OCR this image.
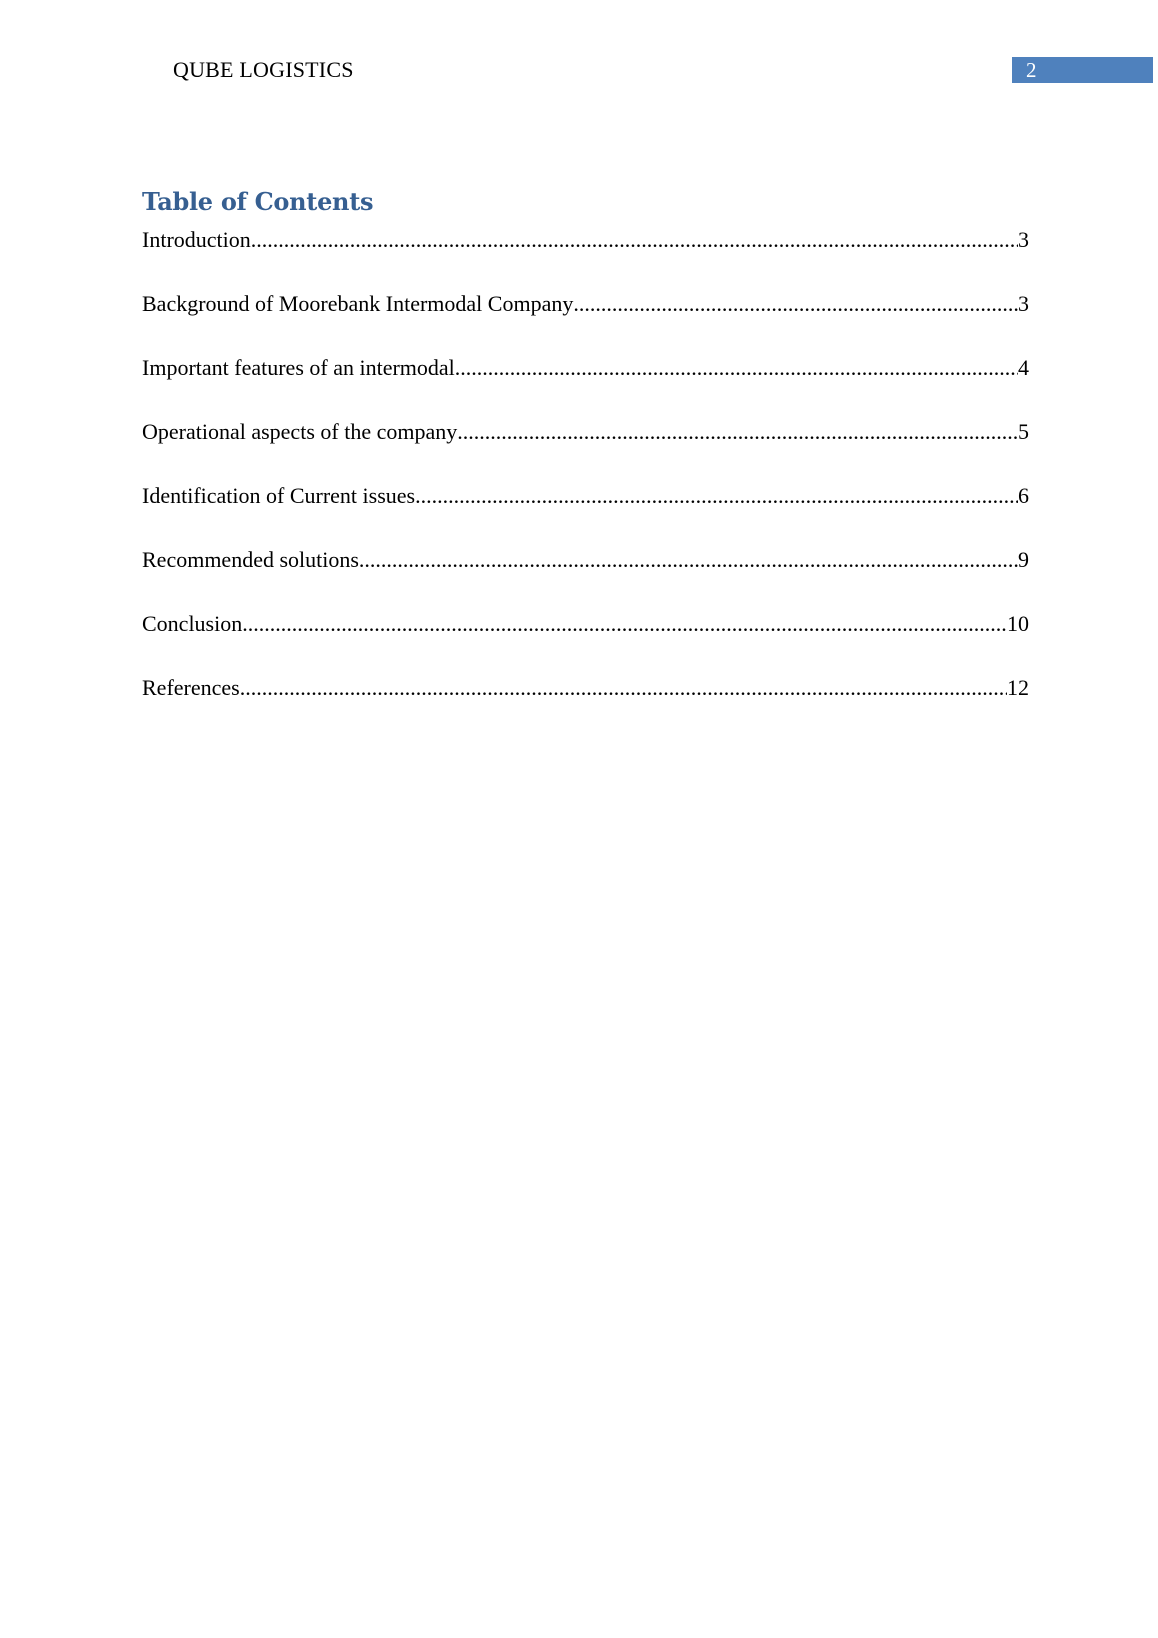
QUBE LOGISTICS	2
Table of Contents
Introduction .....	3
Background of Moorebank Intermodal Company .....	3
Important features of an intermodal .....	4
Operational aspects of the company .....	5
Identification of Current issues .....	6
Recommended solutions .....	9
Conclusion .....	10
References .....	12
